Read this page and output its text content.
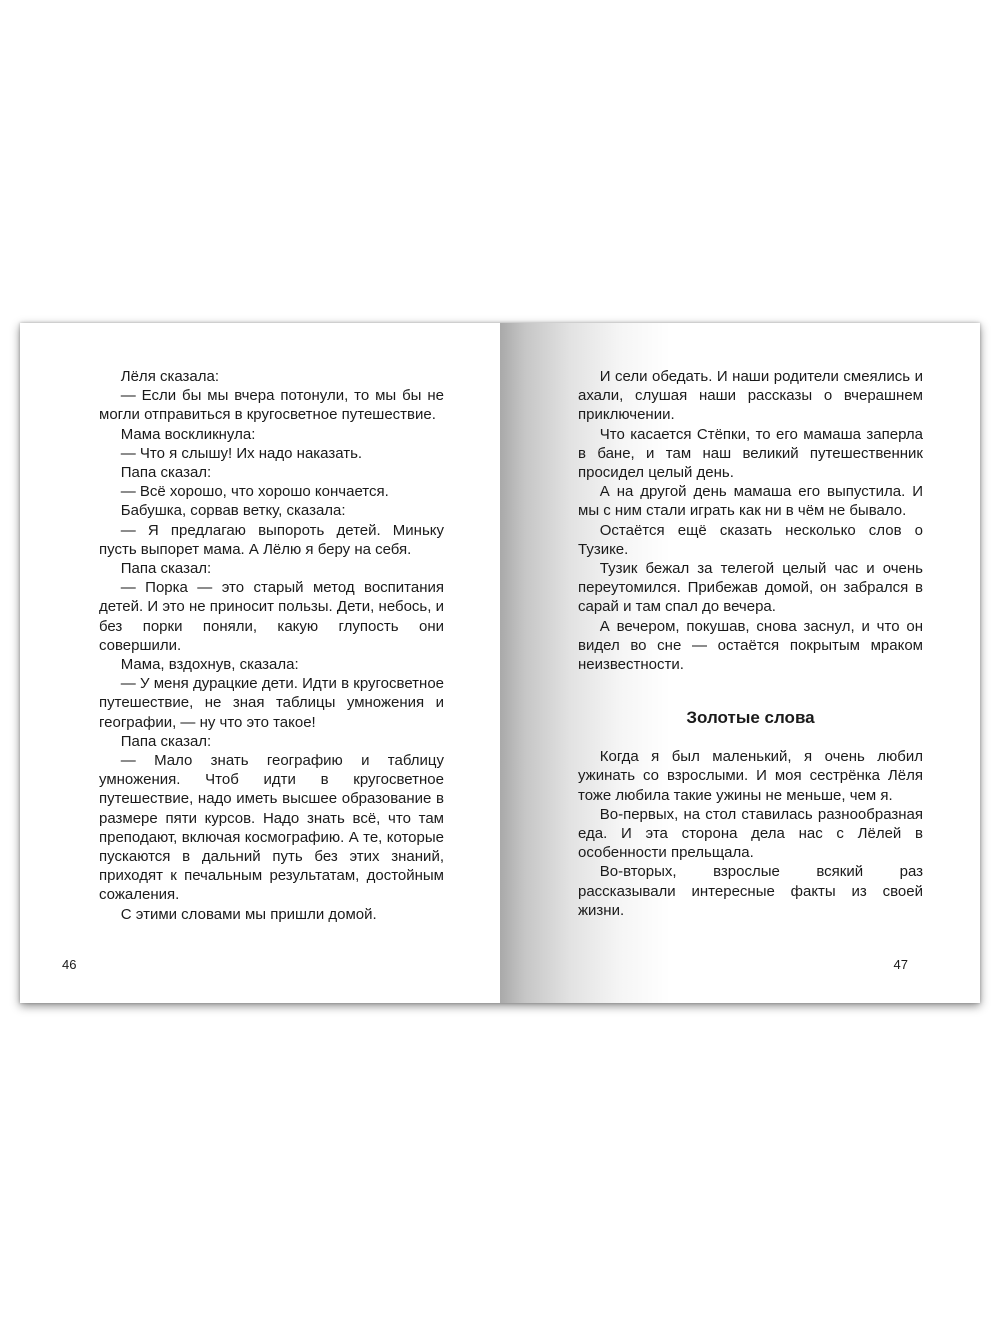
Лёля сказала:

— Если бы мы вчера потонули, то мы бы не могли отправиться в кругосветное путешествие.

Мама воскликнула:

— Что я слышу! Их надо наказать.

Папа сказал:

— Всё хорошо, что хорошо кончается.

Бабушка, сорвав ветку, сказала:

— Я предлагаю выпороть детей. Миньку пусть выпорет мама. А Лёлю я беру на себя.

Папа сказал:

— Порка — это старый метод воспитания детей. И это не приносит пользы. Дети, небось, и без порки поняли, какую глупость они совершили.

Мама, вздохнув, сказала:

— У меня дурацкие дети. Идти в кругосветное путешествие, не зная таблицы умножения и географии, — ну что это такое!

Папа сказал:

— Мало знать географию и таблицу умножения. Чтоб идти в кругосветное путешествие, надо иметь высшее образование в размере пяти курсов. Надо знать всё, что там преподают, включая космографию. А те, которые пускаются в дальний путь без этих знаний, приходят к печальным результатам, достойным сожаления.

С этими словами мы пришли домой.

46

И сели обедать. И наши родители смеялись и ахали, слушая наши рассказы о вчерашнем приключении.

Что касается Стёпки, то его мамаша заперла в бане, и там наш великий путешественник просидел целый день.

А на другой день мамаша его выпустила. И мы с ним стали играть как ни в чём не бывало.

Остаётся ещё сказать несколько слов о Тузике.

Тузик бежал за телегой целый час и очень переутомился. Прибежав домой, он забрался в сарай и там спал до вечера.

А вечером, покушав, снова заснул, и что он видел во сне — остаётся покрытым мраком неизвестности.

Золотые слова

Когда я был маленький, я очень любил ужинать со взрослыми. И моя сестрёнка Лёля тоже любила такие ужины не меньше, чем я.

Во-первых, на стол ставилась разнообразная еда. И эта сторона дела нас с Лёлей в особенности прельщала.

Во-вторых, взрослые всякий раз рассказывали интересные факты из своей жизни.

47
